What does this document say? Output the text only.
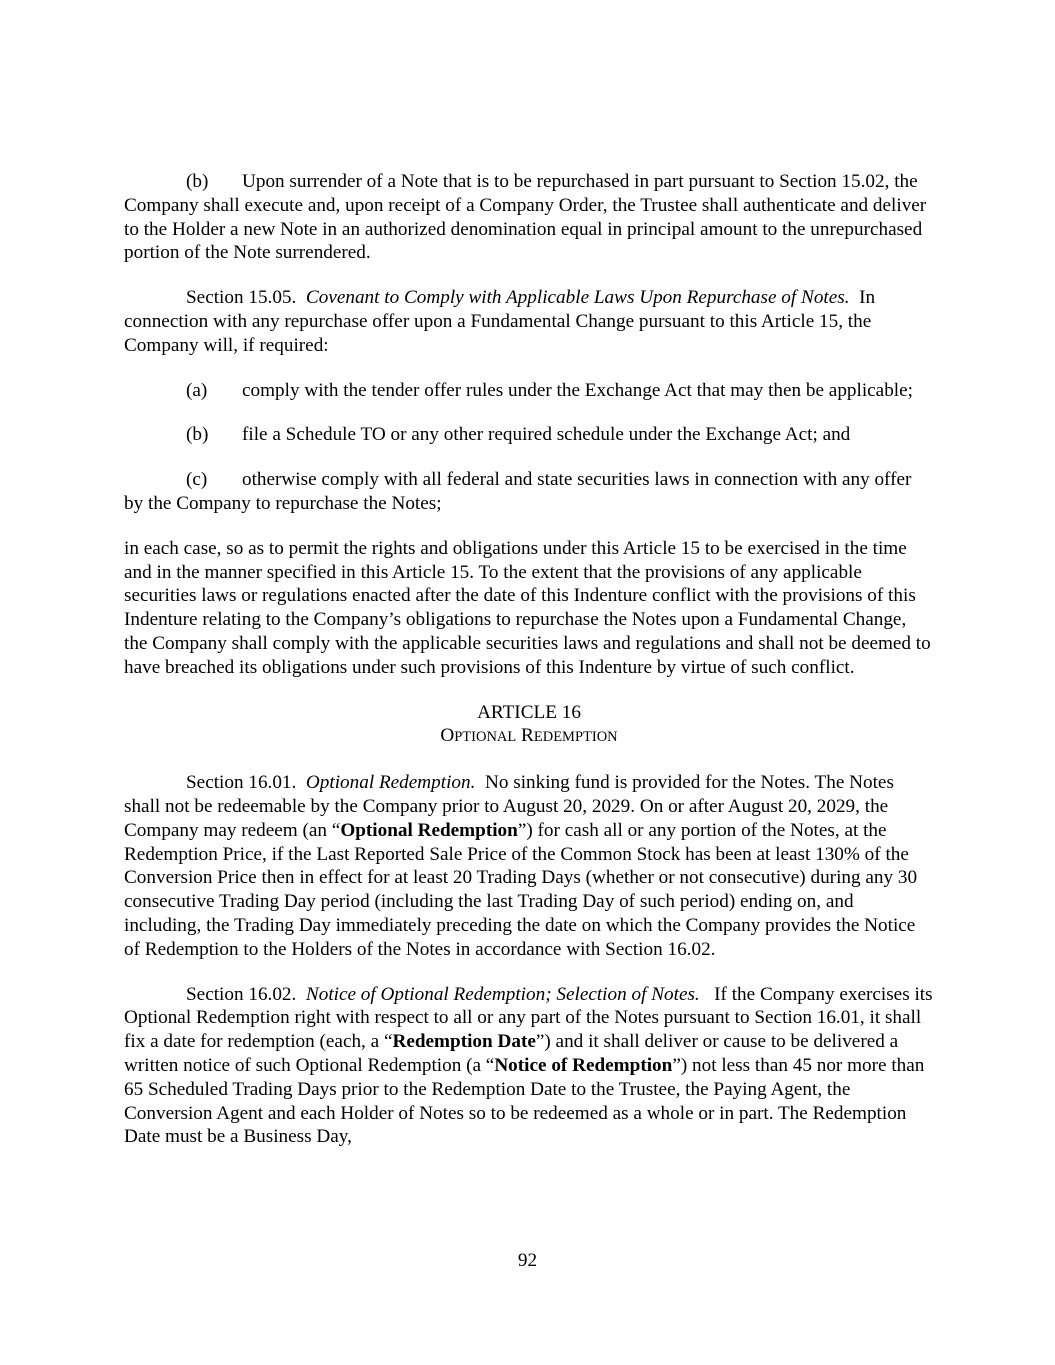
(b) Upon surrender of a Note that is to be repurchased in part pursuant to Section 15.02, the Company shall execute and, upon receipt of a Company Order, the Trustee shall authenticate and deliver to the Holder a new Note in an authorized denomination equal in principal amount to the unrepurchased portion of the Note surrendered.

Section 15.05. Covenant to Comply with Applicable Laws Upon Repurchase of Notes. In connection with any repurchase offer upon a Fundamental Change pursuant to this Article 15, the Company will, if required:

(a) comply with the tender offer rules under the Exchange Act that may then be applicable;

(b) file a Schedule TO or any other required schedule under the Exchange Act; and

(c) otherwise comply with all federal and state securities laws in connection with any offer by the Company to repurchase the Notes;

in each case, so as to permit the rights and obligations under this Article 15 to be exercised in the time and in the manner specified in this Article 15. To the extent that the provisions of any applicable securities laws or regulations enacted after the date of this Indenture conflict with the provisions of this Indenture relating to the Company’s obligations to repurchase the Notes upon a Fundamental Change, the Company shall comply with the applicable securities laws and regulations and shall not be deemed to have breached its obligations under such provisions of this Indenture by virtue of such conflict.

ARTICLE 16

OPTIONAL REDEMPTION

Section 16.01. Optional Redemption. No sinking fund is provided for the Notes. The Notes shall not be redeemable by the Company prior to August 20, 2029. On or after August 20, 2029, the Company may redeem (an “Optional Redemption”) for cash all or any portion of the Notes, at the Redemption Price, if the Last Reported Sale Price of the Common Stock has been at least 130% of the Conversion Price then in effect for at least 20 Trading Days (whether or not consecutive) during any 30 consecutive Trading Day period (including the last Trading Day of such period) ending on, and including, the Trading Day immediately preceding the date on which the Company provides the Notice of Redemption to the Holders of the Notes in accordance with Section 16.02.

Section 16.02. Notice of Optional Redemption; Selection of Notes. If the Company exercises its Optional Redemption right with respect to all or any part of the Notes pursuant to Section 16.01, it shall fix a date for redemption (each, a “Redemption Date”) and it shall deliver or cause to be delivered a written notice of such Optional Redemption (a “Notice of Redemption”) not less than 45 nor more than 65 Scheduled Trading Days prior to the Redemption Date to the Trustee, the Paying Agent, the Conversion Agent and each Holder of Notes so to be redeemed as a whole or in part. The Redemption Date must be a Business Day,

92
